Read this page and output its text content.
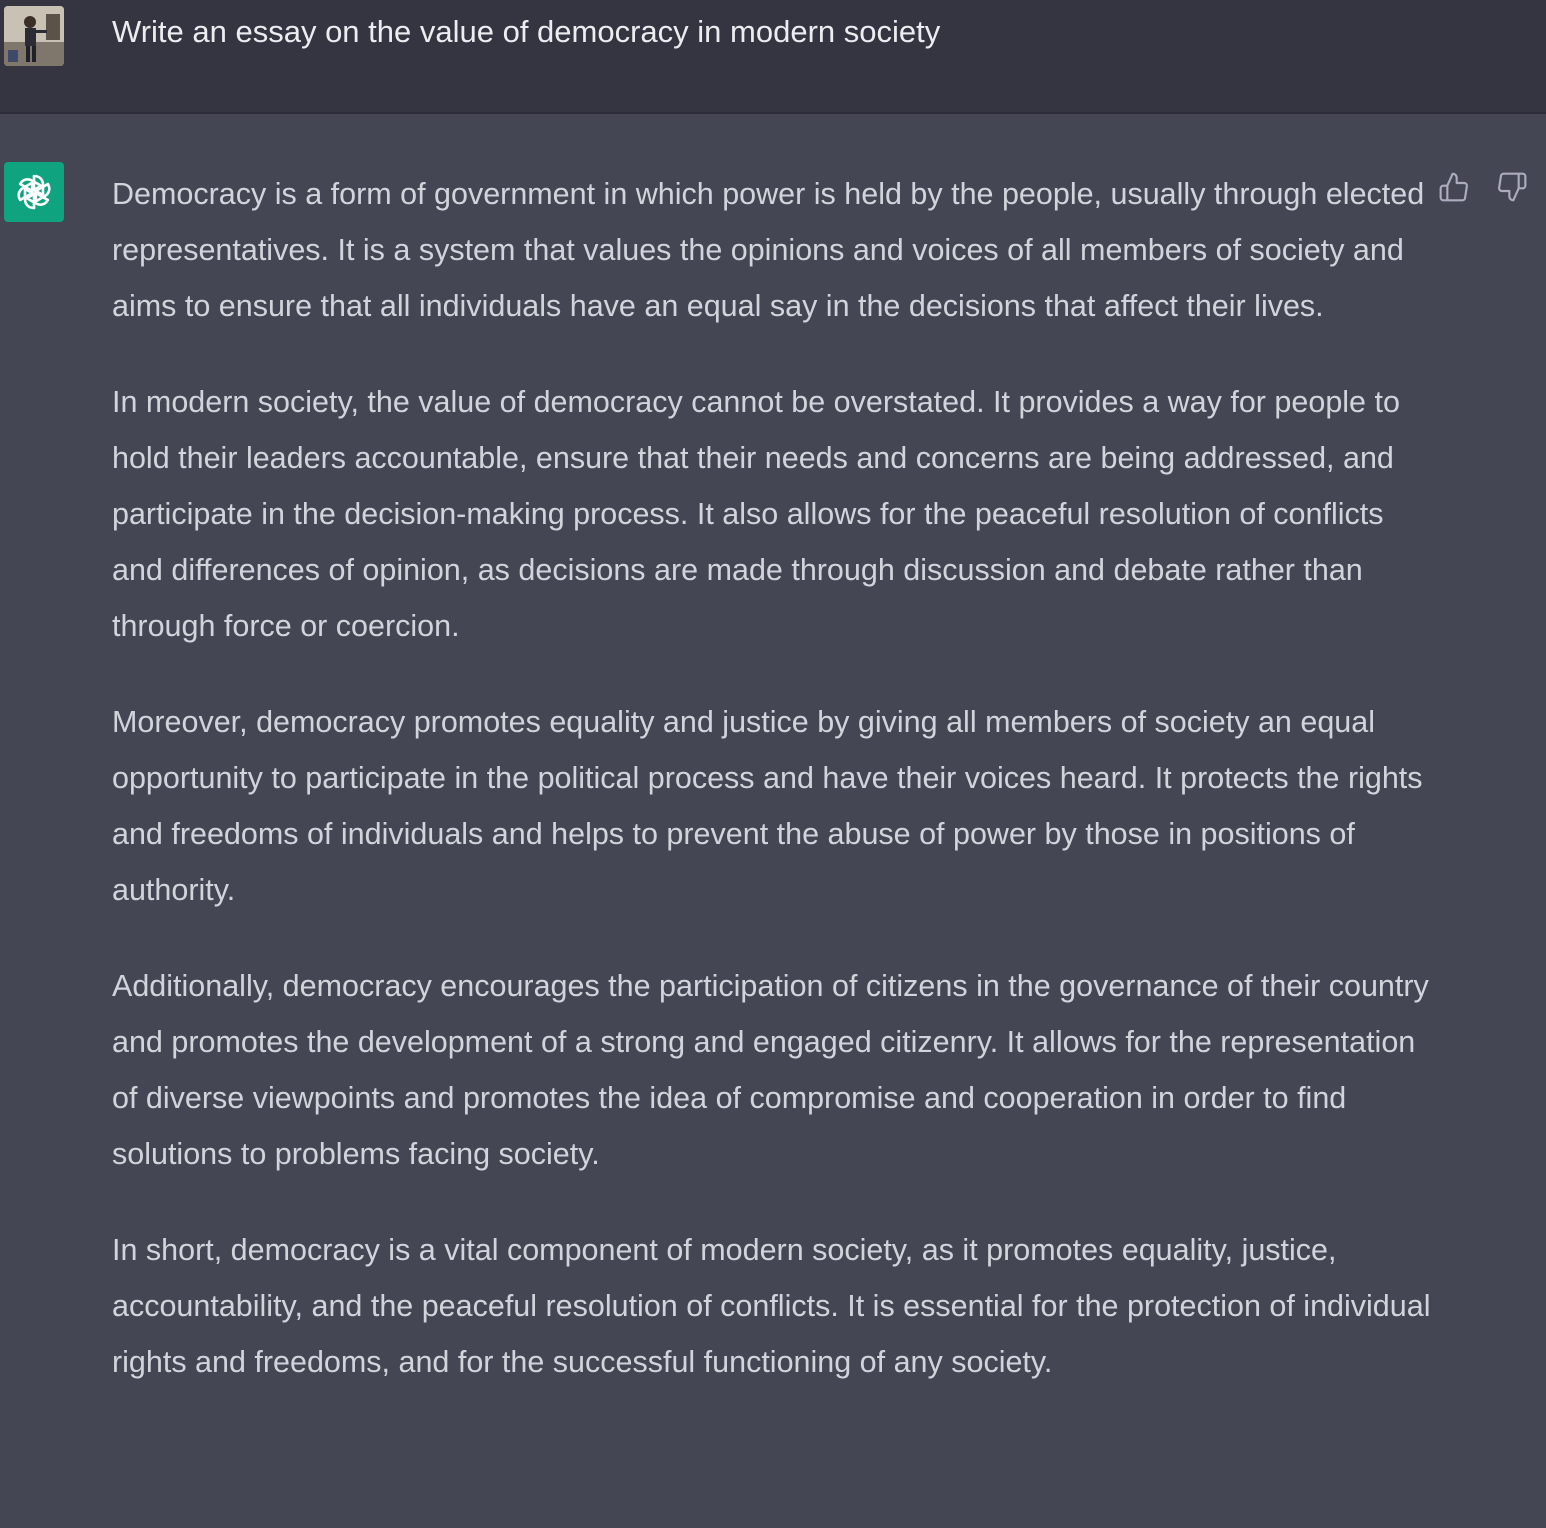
Write an essay on the value of democracy in modern society

Democracy is a form of government in which power is held by the people, usually through elected representatives. It is a system that values the opinions and voices of all members of society and aims to ensure that all individuals have an equal say in the decisions that affect their lives.

In modern society, the value of democracy cannot be overstated. It provides a way for people to hold their leaders accountable, ensure that their needs and concerns are being addressed, and participate in the decision-making process. It also allows for the peaceful resolution of conflicts and differences of opinion, as decisions are made through discussion and debate rather than through force or coercion.

Moreover, democracy promotes equality and justice by giving all members of society an equal opportunity to participate in the political process and have their voices heard. It protects the rights and freedoms of individuals and helps to prevent the abuse of power by those in positions of authority.

Additionally, democracy encourages the participation of citizens in the governance of their country and promotes the development of a strong and engaged citizenry. It allows for the representation of diverse viewpoints and promotes the idea of compromise and cooperation in order to find solutions to problems facing society.

In short, democracy is a vital component of modern society, as it promotes equality, justice, accountability, and the peaceful resolution of conflicts. It is essential for the protection of individual rights and freedoms, and for the successful functioning of any society.
